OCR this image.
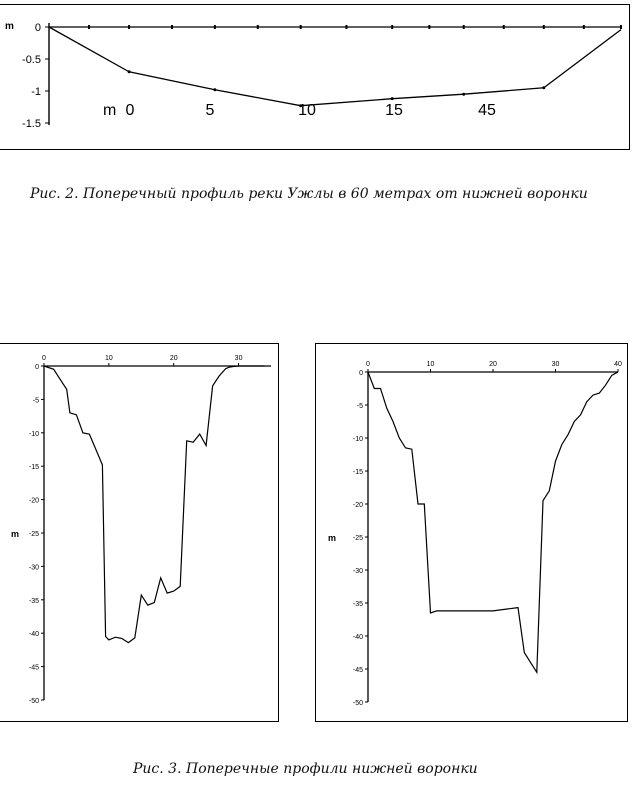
0
-0.5
-1
-1.5
m
m 0	5	10	15	45
Рис. 2. Поперечный профиль реки Ужлы в 60 метрах от нижней воронки
0
-5
-10
-15
-20
-25
-30
-35
-40
-45
-50
0	10	20	30
m
0
-5
-10
-15
-20
-25
-30
-35
-40
-45
-50
0	10	20	30	40
m
Рис. 3. Поперечные профили нижней воронки
